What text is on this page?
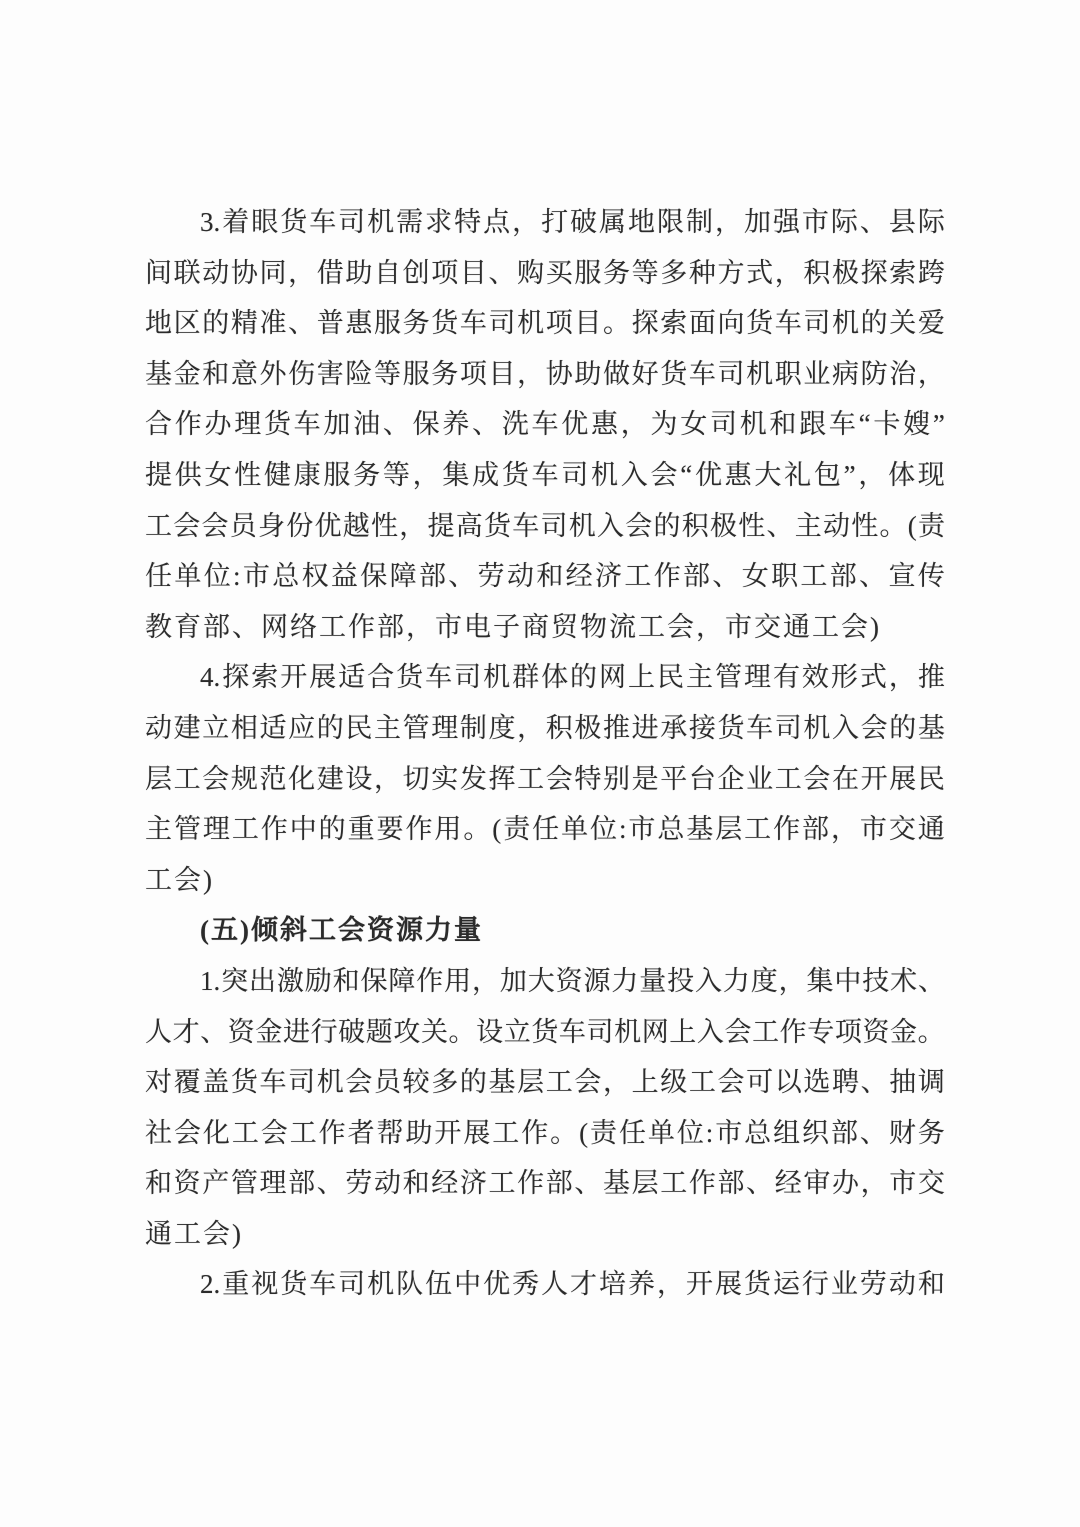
3. 着 眼 货 车 司 机 需 求 特 点 ， 打 破 属 地 限 制 ， 加 强 市 际 、 县 际
间 联 动 协 同 ， 借 助 自 创 项 目 、 购 买 服 务 等 多 种 方 式 ， 积 极 探 索 跨
地 区 的 精 准 、 普 惠 服 务 货 车 司 机 项 目 。 探 索 面 向 货 车 司 机 的 关 爱
基 金 和 意 外 伤 害 险 等 服 务 项 目 ， 协 助 做 好 货 车 司 机 职 业 病 防 治 ，
合 作 办 理 货 车 加 油 、 保 养 、 洗 车 优 惠 ， 为 女 司 机 和 跟 车 “ 卡 嫂 ”
提 供 女 性 健 康 服 务 等 ， 集 成 货 车 司 机 入 会 “ 优 惠 大 礼 包 ” ， 体 现
工 会 会 员 身 份 优 越 性 ， 提 高 货 车 司 机 入 会 的 积 极 性 、 主 动 性 。 ( 责
任 单 位 : 市 总 权 益 保 障 部 、 劳 动 和 经 济 工 作 部 、 女 职 工 部 、 宣 传
教育部、网络工作部，市电子商贸物流工会，市交通工会)
4. 探 索 开 展 适 合 货 车 司 机 群 体 的 网 上 民 主 管 理 有 效 形 式 ， 推
动 建 立 相 适 应 的 民 主 管 理 制 度 ， 积 极 推 进 承 接 货 车 司 机 入 会 的 基
层 工 会 规 范 化 建 设 ， 切 实 发 挥 工 会 特 别 是 平 台 企 业 工 会 在 开 展 民
主 管 理 工 作 中 的 重 要 作 用 。 ( 责 任 单 位 : 市 总 基 层 工 作 部 ， 市 交 通
工会)
(五)倾斜工会资源力量
1. 突 出 激 励 和 保 障 作 用 ， 加 大 资 源 力 量 投 入 力 度 ， 集 中 技 术 、
人 才 、 资 金 进 行 破 题 攻 关 。 设 立 货 车 司 机 网 上 入 会 工 作 专 项 资 金 。
对 覆 盖 货 车 司 机 会 员 较 多 的 基 层 工 会 ， 上 级 工 会 可 以 选 聘 、 抽 调
社 会 化 工 会 工 作 者 帮 助 开 展 工 作 。 ( 责 任 单 位 : 市 总 组 织 部 、 财 务
和 资 产 管 理 部 、 劳 动 和 经 济 工 作 部 、 基 层 工 作 部 、 经 审 办 ， 市 交
通工会)
2. 重 视 货 车 司 机 队 伍 中 优 秀 人 才 培 养 ， 开 展 货 运 行 业 劳 动 和
